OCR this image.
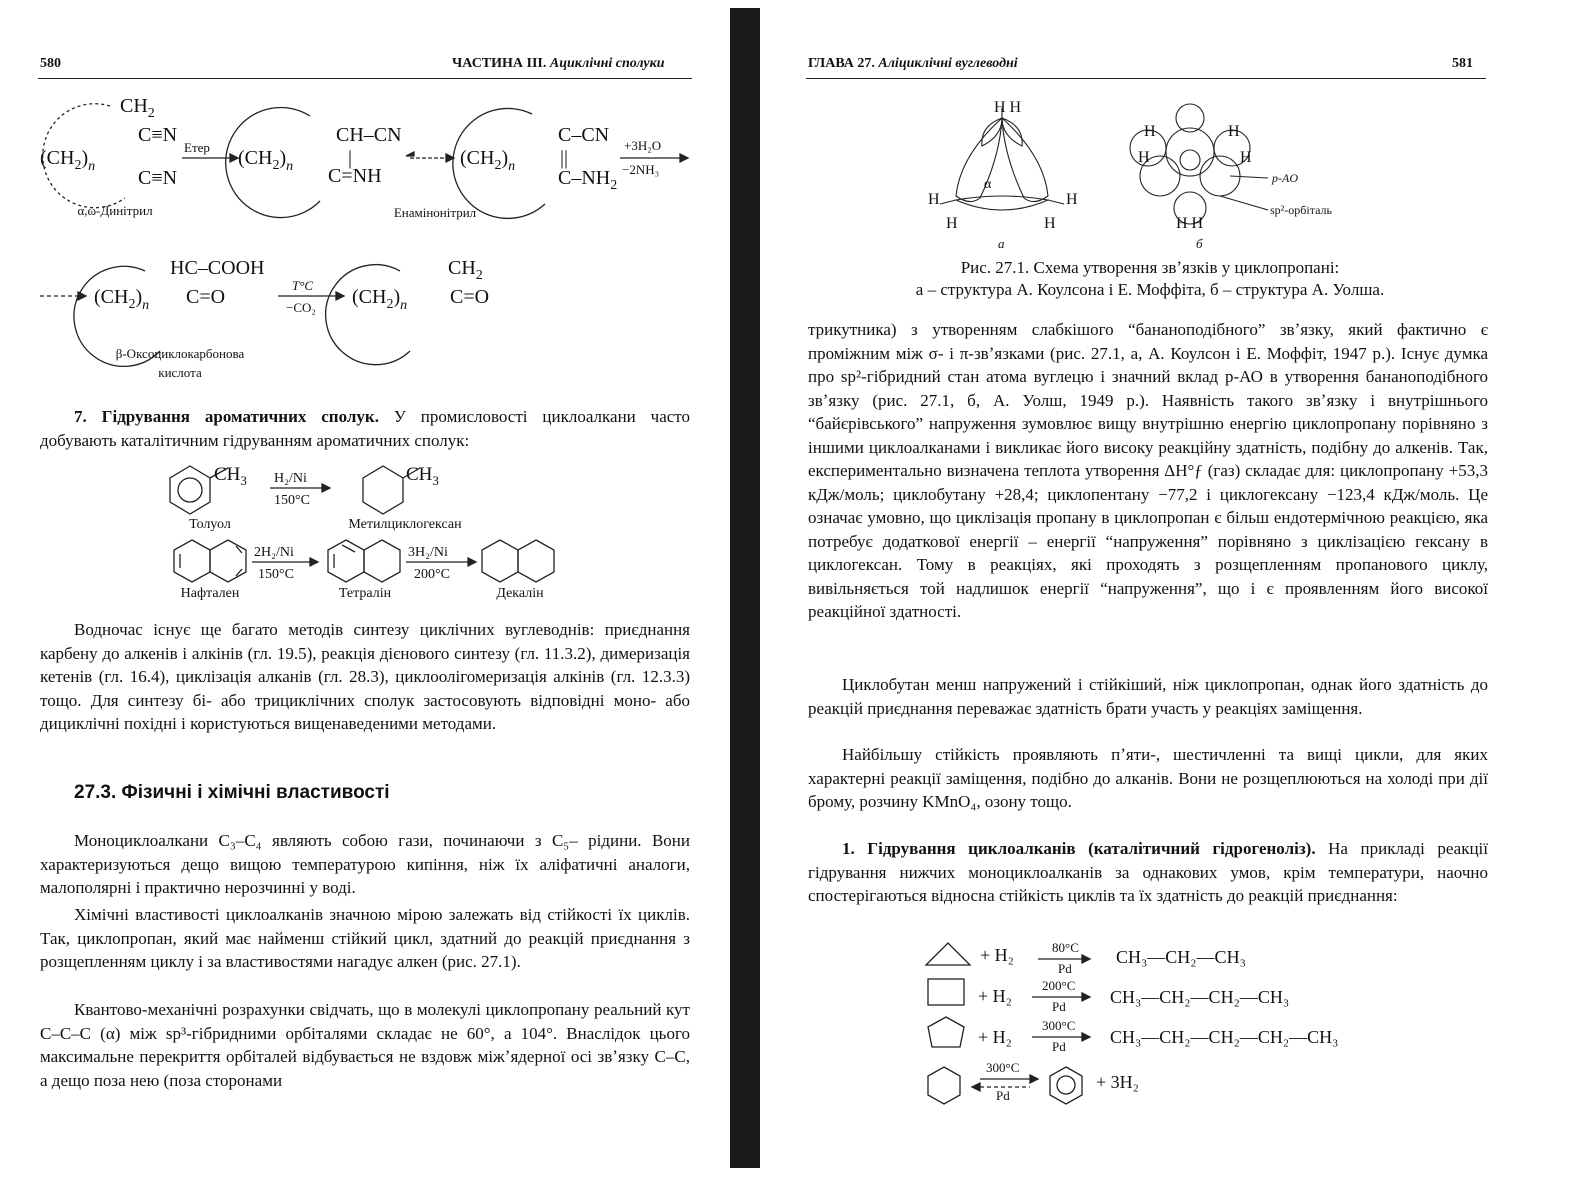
580	ЧАСТИНА III. Ациклічні сполуки
$CH_2$
C≡N
$(CH_2)_n$
C≡N
$(CH_2)_n$
CH–CN
|
C=NH
$(CH_2)_n$
C–CN
||
$C-NH_2$
HC–COOH
$(CH_2)_n$ C=O	$(CH_2)_n$
$CH_2$
C=O
Етер	+3H₂O
−2NH₃
T°C
−CO₂
α,ω-Динітрил	Енамінонітрил
β-Оксоциклокарбонова
кислота

7. Гідрування ароматичних сполук. У промисловості циклоалкани часто добувають каталітичним гідруванням ароматичних сполук:

$CH_3$	$CH_3$
H₂/Ni
150°C
2H₂/Ni
150°C
3H₂/Ni
200°C
Толуол	Метилциклогексан
Нафтален	Тетралін	Декалін

Водночас існує ще багато методів синтезу циклічних вуглеводнів: приєднання карбену до алкенів і алкінів (гл. 19.5), реакція дієнового синтезу (гл. 11.3.2), димеризація кетенів (гл. 16.4), циклізація алканів (гл. 28.3), циклоолігомеризація алкінів (гл. 12.3.3) тощо. Для синтезу бі- або трициклічних сполук застосовують відповідні моно- або дициклічні похідні і користуються вищенаведеними методами.

27.3. Фізичні і хімічні властивості

Моноциклоалкани C₃–C₄ являють собою гази, починаючи з C₅– рідини. Вони характеризуються дещо вищою температурою кипіння, ніж їх аліфатичні аналоги, малополярні і практично нерозчинні у воді.

Хімічні властивості циклоалканів значною мірою залежать від стійкості їх циклів. Так, циклопропан, який має найменш стійкий цикл, здатний до реакцій приєднання з розщепленням циклу і за властивостями нагадує алкен (рис. 27.1).

Квантово-механічні розрахунки свідчать, що в молекулі циклопропану реальний кут C–C–C (α) між sp³-гібридними орбіталями складає не 60°, а 104°. Внаслідок цього максимальне перекриття орбіталей відбувається не вздовж міжʼядерної осі звʼязку C–C, а дещо поза нею (поза сторонами

ГЛАВА 27. Аліциклічні вуглеводні	581
H H
H	H
H	H
H	H
H	H
H H
α	p-AO
sp²-орбіталь
а	б
Рис. 27.1. Схема утворення звʼязків у циклопропані:
а – структура А. Коулсона і Е. Моффіта, б – структура А. Уолша.

трикутника) з утворенням слабкішого “бананоподібного” звʼязку, який фактично є проміжним між σ- і π-звʼязками (рис. 27.1, а, А. Коулсон і Е. Моффіт, 1947 р.). Існує думка про sp²-гібридний стан атома вуглецю і значний вклад p-АО в утворення бананоподібного звʼязку (рис. 27.1, б, А. Уолш, 1949 р.). Наявність такого звʼязку і внутрішнього “байєрівського” напруження зумовлює вищу внутрішню енергію циклопропану порівняно з іншими циклоалканами і викликає його високу реакційну здатність, подібну до алкенів. Так, експериментально визначена теплота утворення ΔH°ƒ (газ) складає для: циклопропану +53,3 кДж/моль; циклобутану +28,4; циклопентану −77,2 і циклогексану −123,4 кДж/моль. Це означає умовно, що циклізація пропану в циклопропан є більш ендотермічною реакцією, яка потребує додаткової енергії – енергії “напруження” порівняно з циклізацією гексану в циклогексан. Тому в реакціях, які проходять з розщепленням пропанового циклу, вивільняється той надлишок енергії “напруження”, що і є проявленням його високої реакційної здатності.

Циклобутан менш напружений і стійкіший, ніж циклопропан, однак його здатність до реакцій приєднання переважає здатність брати участь у реакціях заміщення.

Найбільшу стійкість проявляють пʼяти-, шестичленні та вищі цикли, для яких характерні реакції заміщення, подібно до алканів. Вони не розщеплюються на холоді при дії брому, розчину KMnO₄, озону тощо.

1. Гідрування циклоалканів (каталітичний гідрогеноліз). На прикладі реакції гідрування нижчих моноциклоалканів за однакових умов, крім температури, наочно спостерігаються відносна стійкість циклів та їх здатність до реакцій приєднання:

+ H₂	80°C
Pd
CH₃—CH₂—CH₃
+ H₂
200°C
Pd CH₃—CH₂—CH₂—CH₃
+ H₂
300°C
Pd CH₃—CH₂—CH₂—CH₂—CH₃
300°C
Pd
+ 3H₂
